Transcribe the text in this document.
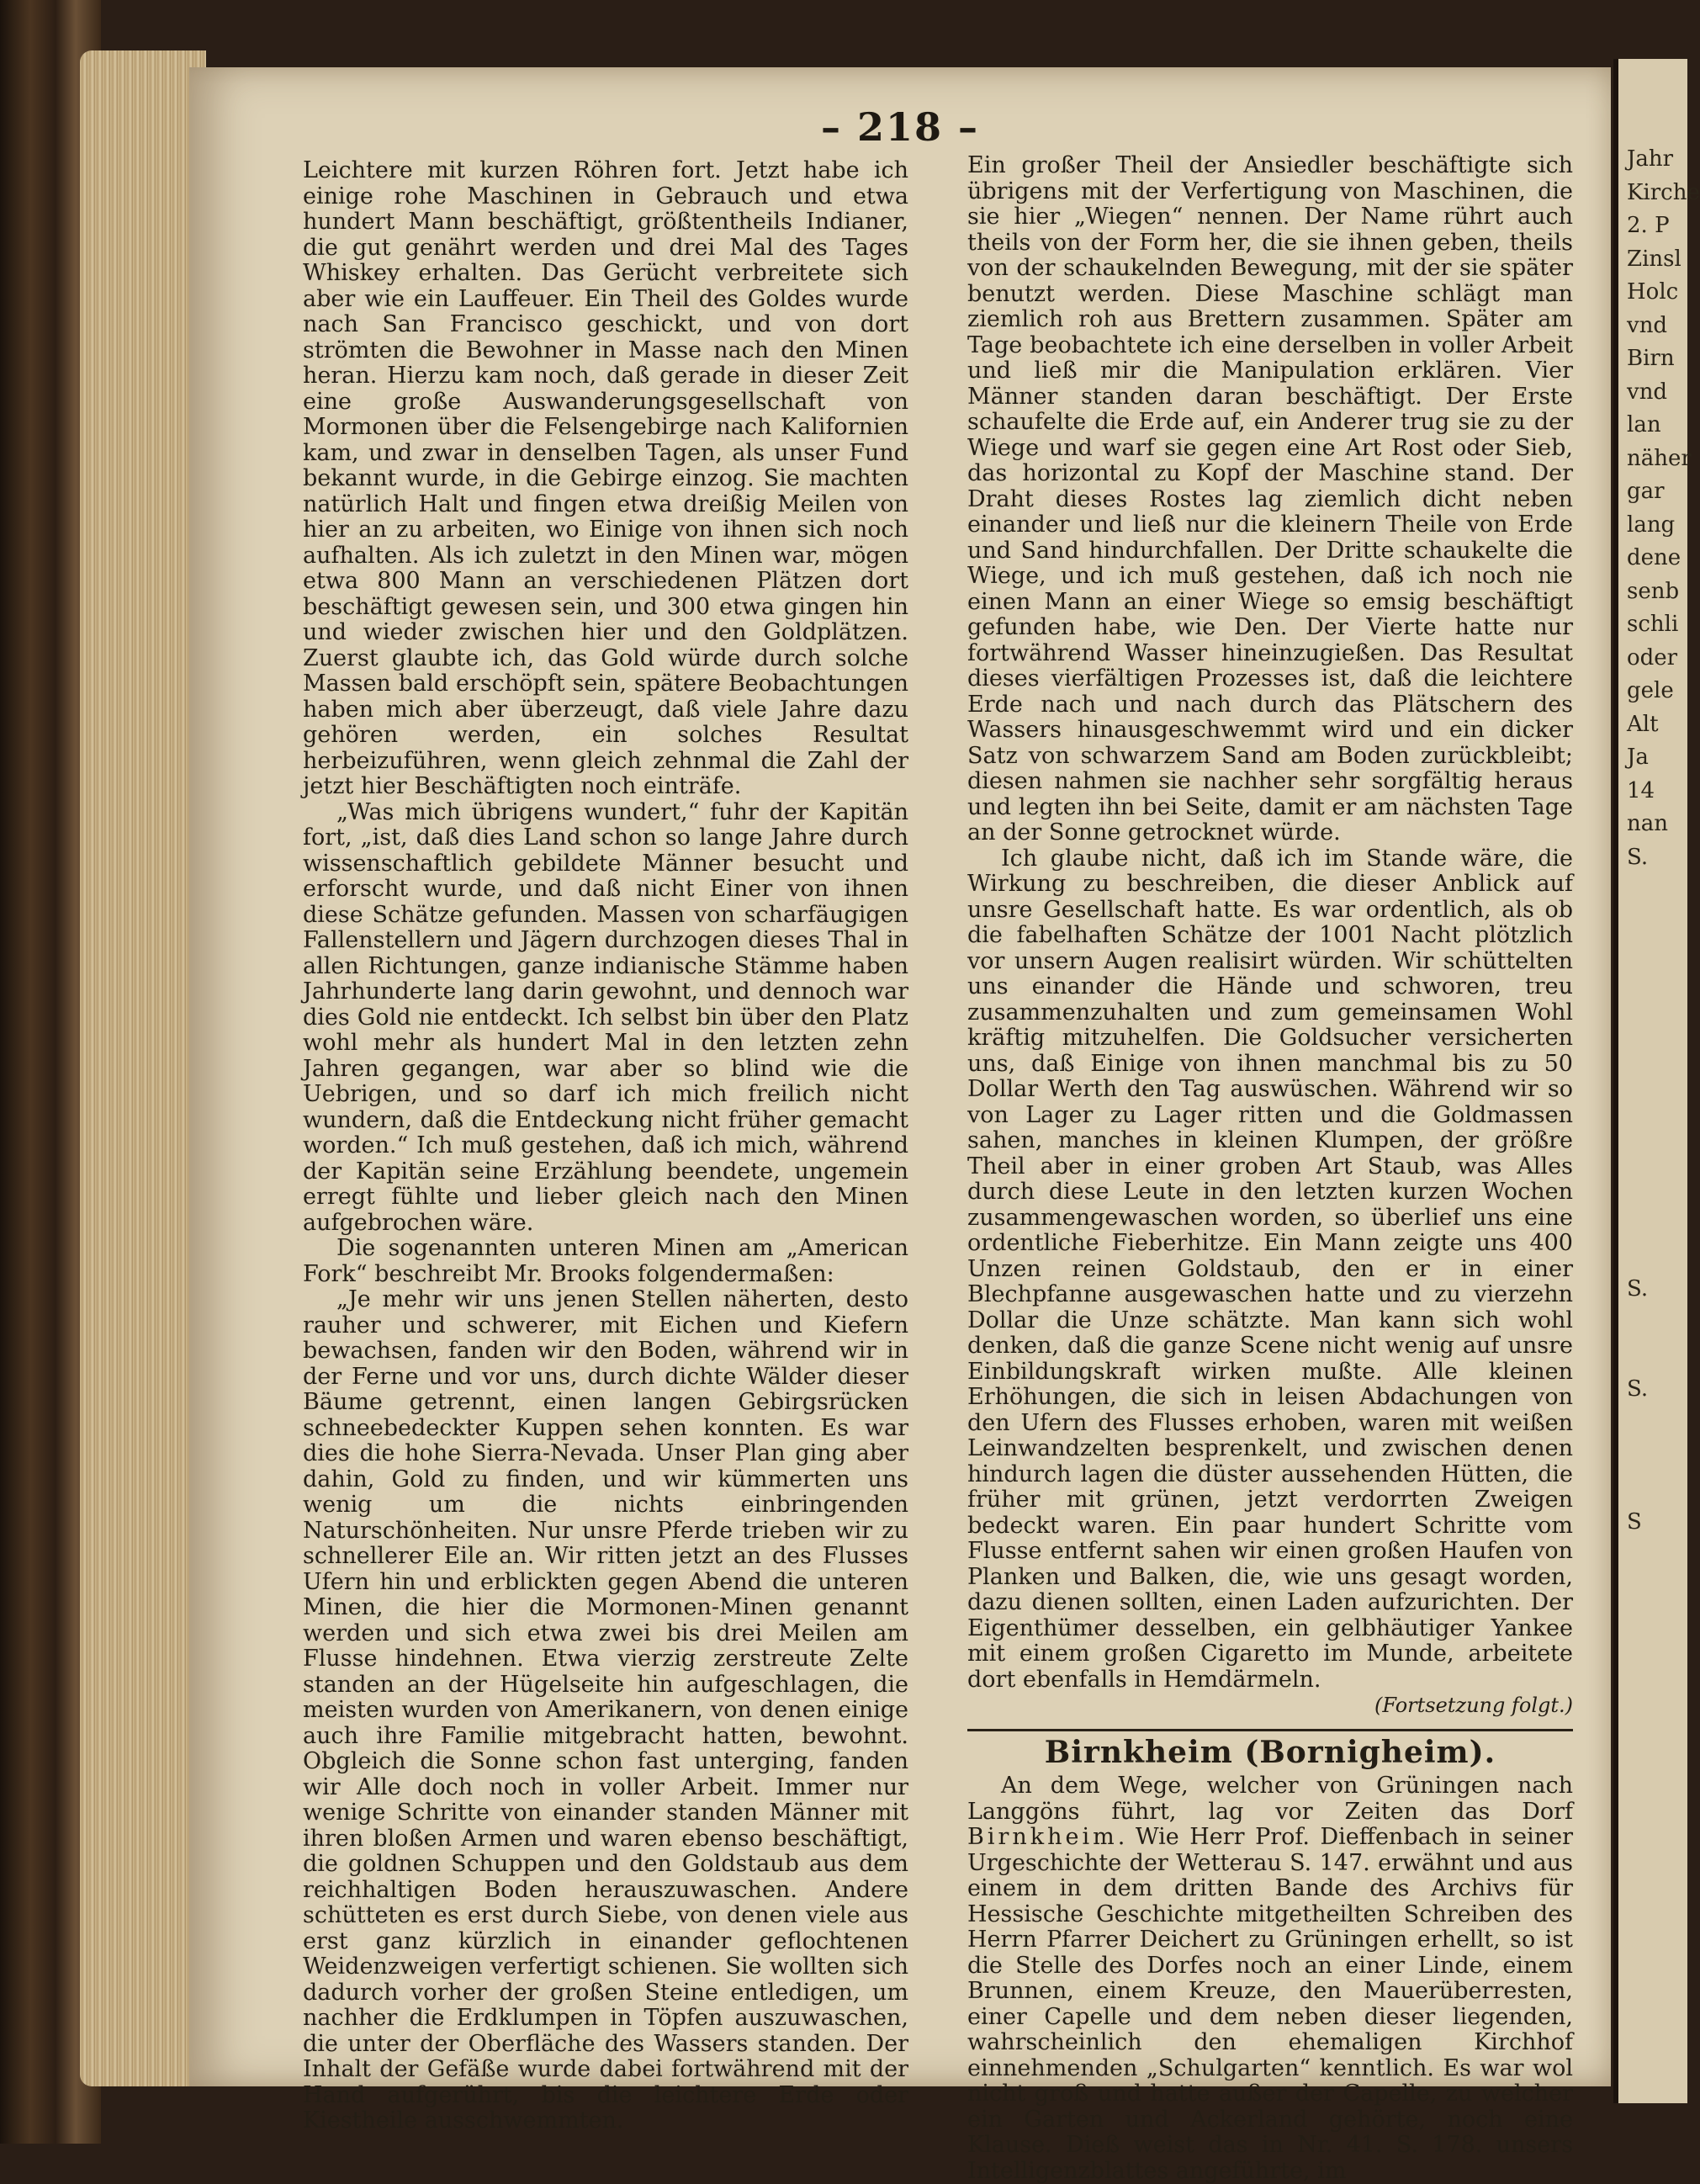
– 218 –

Leichtere mit kurzen Röhren fort. Jetzt habe ich einige rohe Maschinen in Gebrauch und etwa hundert Mann beschäftigt, größtentheils Indianer, die gut genährt werden und drei Mal des Tages Whiskey erhalten. Das Gerücht verbreitete sich aber wie ein Lauffeuer. Ein Theil des Goldes wurde nach San Francisco geschickt, und von dort strömten die Bewohner in Masse nach den Minen heran. Hierzu kam noch, daß gerade in dieser Zeit eine große Auswanderungsgesellschaft von Mormonen über die Felsengebirge nach Kalifornien kam, und zwar in denselben Tagen, als unser Fund bekannt wurde, in die Gebirge einzog. Sie machten natürlich Halt und fingen etwa dreißig Meilen von hier an zu arbeiten, wo Einige von ihnen sich noch aufhalten. Als ich zuletzt in den Minen war, mögen etwa 800 Mann an verschiedenen Plätzen dort beschäftigt gewesen sein, und 300 etwa gingen hin und wieder zwischen hier und den Goldplätzen. Zuerst glaubte ich, das Gold würde durch solche Massen bald erschöpft sein, spätere Beobachtungen haben mich aber überzeugt, daß viele Jahre dazu gehören werden, ein solches Resultat herbeizuführen, wenn gleich zehnmal die Zahl der jetzt hier Beschäftigten noch einträfe.

„Was mich übrigens wundert,“ fuhr der Kapitän fort, „ist, daß dies Land schon so lange Jahre durch wissenschaftlich gebildete Männer besucht und erforscht wurde, und daß nicht Einer von ihnen diese Schätze gefunden. Massen von scharfäugigen Fallenstellern und Jägern durchzogen dieses Thal in allen Richtungen, ganze indianische Stämme haben Jahrhunderte lang darin gewohnt, und dennoch war dies Gold nie entdeckt. Ich selbst bin über den Platz wohl mehr als hundert Mal in den letzten zehn Jahren gegangen, war aber so blind wie die Uebrigen, und so darf ich mich freilich nicht wundern, daß die Entdeckung nicht früher gemacht worden.“ Ich muß gestehen, daß ich mich, während der Kapitän seine Erzählung beendete, ungemein erregt fühlte und lieber gleich nach den Minen aufgebrochen wäre.

Die sogenannten unteren Minen am „American Fork“ beschreibt Mr. Brooks folgendermaßen:

„Je mehr wir uns jenen Stellen näherten, desto rauher und schwerer, mit Eichen und Kiefern bewachsen, fanden wir den Boden, während wir in der Ferne und vor uns, durch dichte Wälder dieser Bäume getrennt, einen langen Gebirgsrücken schneebedeckter Kuppen sehen konnten. Es war dies die hohe Sierra-Nevada. Unser Plan ging aber dahin, Gold zu finden, und wir kümmerten uns wenig um die nichts einbringenden Naturschönheiten. Nur unsre Pferde trieben wir zu schnellerer Eile an. Wir ritten jetzt an des Flusses Ufern hin und erblickten gegen Abend die unteren Minen, die hier die Mormonen-Minen genannt werden und sich etwa zwei bis drei Meilen am Flusse hindehnen. Etwa vierzig zerstreute Zelte standen an der Hügelseite hin aufgeschlagen, die meisten wurden von Amerikanern, von denen einige auch ihre Familie mitgebracht hatten, bewohnt. Obgleich die Sonne schon fast unterging, fanden wir Alle doch noch in voller Arbeit. Immer nur wenige Schritte von einander standen Männer mit ihren bloßen Armen und waren ebenso beschäftigt, die goldnen Schuppen und den Goldstaub aus dem reichhaltigen Boden herauszuwaschen. Andere schütteten es erst durch Siebe, von denen viele aus erst ganz kürzlich in einander geflochtenen Weidenzweigen verfertigt schienen. Sie wollten sich dadurch vorher der großen Steine entledigen, um nachher die Erdklumpen in Töpfen auszuwaschen, die unter der Oberfläche des Wassers standen. Der Inhalt der Gefäße wurde dabei fortwährend mit der Hand aufgerührt, bis die leichtere Erde oder Kiestheile ausschwemmten.

Ein großer Theil der Ansiedler beschäftigte sich übrigens mit der Verfertigung von Maschinen, die sie hier „Wiegen“ nennen. Der Name rührt auch theils von der Form her, die sie ihnen geben, theils von der schaukelnden Bewegung, mit der sie später benutzt werden. Diese Maschine schlägt man ziemlich roh aus Brettern zusammen. Später am Tage beobachtete ich eine derselben in voller Arbeit und ließ mir die Manipulation erklären. Vier Männer standen daran beschäftigt. Der Erste schaufelte die Erde auf, ein Anderer trug sie zu der Wiege und warf sie gegen eine Art Rost oder Sieb, das horizontal zu Kopf der Maschine stand. Der Draht dieses Rostes lag ziemlich dicht neben einander und ließ nur die kleinern Theile von Erde und Sand hindurchfallen. Der Dritte schaukelte die Wiege, und ich muß gestehen, daß ich noch nie einen Mann an einer Wiege so emsig beschäftigt gefunden habe, wie Den. Der Vierte hatte nur fortwährend Wasser hineinzugießen. Das Resultat dieses vierfältigen Prozesses ist, daß die leichtere Erde nach und nach durch das Plätschern des Wassers hinausgeschwemmt wird und ein dicker Satz von schwarzem Sand am Boden zurückbleibt; diesen nahmen sie nachher sehr sorgfältig heraus und legten ihn bei Seite, damit er am nächsten Tage an der Sonne getrocknet würde.

Ich glaube nicht, daß ich im Stande wäre, die Wirkung zu beschreiben, die dieser Anblick auf unsre Gesellschaft hatte. Es war ordentlich, als ob die fabelhaften Schätze der 1001 Nacht plötzlich vor unsern Augen realisirt würden. Wir schüttelten uns einander die Hände und schworen, treu zusammenzuhalten und zum gemeinsamen Wohl kräftig mitzuhelfen. Die Goldsucher versicherten uns, daß Einige von ihnen manchmal bis zu 50 Dollar Werth den Tag auswüschen. Während wir so von Lager zu Lager ritten und die Goldmassen sahen, manches in kleinen Klumpen, der größre Theil aber in einer groben Art Staub, was Alles durch diese Leute in den letzten kurzen Wochen zusammengewaschen worden, so überlief uns eine ordentliche Fieberhitze. Ein Mann zeigte uns 400 Unzen reinen Goldstaub, den er in einer Blechpfanne ausgewaschen hatte und zu vierzehn Dollar die Unze schätzte. Man kann sich wohl denken, daß die ganze Scene nicht wenig auf unsre Einbildungskraft wirken mußte. Alle kleinen Erhöhungen, die sich in leisen Abdachungen von den Ufern des Flusses erhoben, waren mit weißen Leinwandzelten besprenkelt, und zwischen denen hindurch lagen die düster aussehenden Hütten, die früher mit grünen, jetzt verdorrten Zweigen bedeckt waren. Ein paar hundert Schritte vom Flusse entfernt sahen wir einen großen Haufen von Planken und Balken, die, wie uns gesagt worden, dazu dienen sollten, einen Laden aufzurichten. Der Eigenthümer desselben, ein gelbhäutiger Yankee mit einem großen Cigaretto im Munde, arbeitete dort ebenfalls in Hemdärmeln.

(Fortsetzung folgt.)

Birnkheim (Bornigheim).

An dem Wege, welcher von Grüningen nach Langgöns führt, lag vor Zeiten das Dorf Birnkheim. Wie Herr Prof. Dieffenbach in seiner Urgeschichte der Wetterau S. 147. erwähnt und aus einem in dem dritten Bande des Archivs für Hessische Geschichte mitgetheilten Schreiben des Herrn Pfarrer Deichert zu Grüningen erhellt, so ist die Stelle des Dorfes noch an einer Linde, einem Brunnen, einem Kreuze, den Mauerüberresten, einer Capelle und dem neben dieser liegenden, wahrscheinlich den ehemaligen Kirchhof einnehmenden „Schulgarten“ kenntlich. Es war wol nicht groß und hatte außer der Capelle, zu welcher ein Garten und Ackerland gehörte, noch eine Klause. Dieß weist das in Nr. 41. S. 178. unsers Intelligenzblattes angeführte, im

Jahr
Kirche
2. P
Zinsl
Holc
vnd
Birn
vnd
lan
näher
gar
lang
dene
senb
schli
oder
gele
Alt
Ja
14
nan
S.
S.
S.
S
